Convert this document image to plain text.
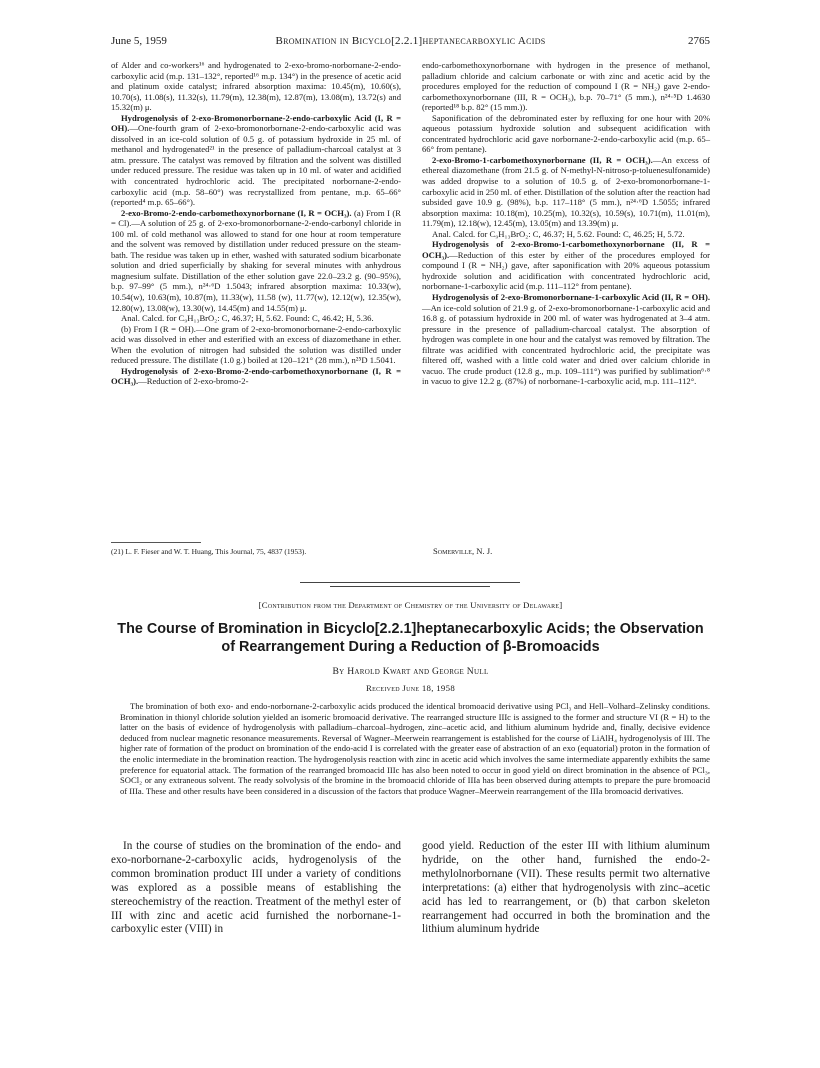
June 5, 1959	Bromination in Bicyclo[2.2.1]heptanecarboxylic Acids	2765

of Alder and co-workers¹⁶ and hydrogenated to 2-exo-bromo-norbornane-2-endo-carboxylic acid (m.p. 131–132°, reported¹⁶ m.p. 134°) in the presence of acetic acid and platinum oxide catalyst; infrared absorption maxima: 10.45(m), 10.60(s), 10.70(s), 11.08(s), 11.32(s), 11.79(m), 12.38(m), 12.87(m), 13.08(m), 13.72(s) and 15.32(m) μ.

Hydrogenolysis of 2-exo-Bromonorbornane-2-endo-carboxylic Acid (I, R = OH).—One-fourth gram of 2-exo-bromonorbornane-2-endo-carboxylic acid was dissolved in an ice-cold solution of 0.5 g. of potassium hydroxide in 25 ml. of methanol and hydrogenated²¹ in the presence of palladium-charcoal catalyst at 3 atm. pressure. The catalyst was removed by filtration and the solvent was distilled under reduced pressure. The residue was taken up in 10 ml. of water and acidified with concentrated hydrochloric acid. The precipitated norbornane-2-endo-carboxylic acid (m.p. 58–60°) was recrystallized from pentane, m.p. 65–66° (reported⁴ m.p. 65–66°).

2-exo-Bromo-2-endo-carbomethoxynorbornane (I, R = OCH₃). (a) From I (R = Cl).—A solution of 25 g. of 2-exo-bromonorbornane-2-endo-carbonyl chloride in 100 ml. of cold methanol was allowed to stand for one hour at room temperature and the solvent was removed by distillation under reduced pressure on the steam-bath. The residue was taken up in ether, washed with saturated sodium bicarbonate solution and dried superficially by shaking for several minutes with anhydrous magnesium sulfate. Distillation of the ether solution gave 22.0–23.2 g. (90–95%), b.p. 97–99° (5 mm.), n²⁴·⁶D 1.5043; infrared absorption maxima: 10.33(w), 10.54(w), 10.63(m), 10.87(m), 11.33(w), 11.58 (w), 11.77(w), 12.12(w), 12.35(w), 12.80(w), 13.08(w), 13.30(w), 14.45(m) and 14.55(m) μ.

Anal. Calcd. for C₉H₁₃BrO₂: C, 46.37; H, 5.62. Found: C, 46.42; H, 5.36.

(b) From I (R = OH).—One gram of 2-exo-bromonorbornane-2-endo-carboxylic acid was dissolved in ether and esterified with an excess of diazomethane in ether. When the evolution of nitrogen had subsided the solution was distilled under reduced pressure. The distillate (1.0 g.) boiled at 120–121° (28 mm.), n²⁵D 1.5041.

Hydrogenolysis of 2-exo-Bromo-2-endo-carbomethoxynorbornane (I, R = OCH₃).—Reduction of 2-exo-bromo-2-

endo-carbomethoxynorbornane with hydrogen in the presence of methanol, palladium chloride and calcium carbonate or with zinc and acetic acid by the procedures employed for the reduction of compound I (R = NH₂) gave 2-endo-carbomethoxynorbornane (III, R = OCH₃), b.p. 70–71° (5 mm.), n²⁴·⁵D 1.4630 (reported¹⁸ b.p. 82° (15 mm.)).

Saponification of the debrominated ester by refluxing for one hour with 20% aqueous potassium hydroxide solution and subsequent acidification with concentrated hydrochloric acid gave norbornane-2-endo-carboxylic acid (m.p. 65–66° from pentane).

2-exo-Bromo-1-carbomethoxynorbornane (II, R = OCH₃).—An excess of ethereal diazomethane (from 21.5 g. of N-methyl-N-nitroso-p-toluenesulfonamide) was added dropwise to a solution of 10.5 g. of 2-exo-bromonorbornane-1-carboxylic acid in 250 ml. of ether. Distillation of the solution after the reaction had subsided gave 10.9 g. (98%), b.p. 117–118° (5 mm.), n²⁴·⁶D 1.5055; infrared absorption maxima: 10.18(m), 10.25(m), 10.32(s), 10.59(s), 10.71(m), 11.01(m), 11.79(m), 12.18(w), 12.45(m), 13.05(m) and 13.39(m) μ.

Anal. Calcd. for C₉H₁₃BrO₂: C, 46.37; H, 5.62. Found: C, 46.25; H, 5.72.

Hydrogenolysis of 2-exo-Bromo-1-carbomethoxynorbornane (II, R = OCH₃).—Reduction of this ester by either of the procedures employed for compound I (R = NH₂) gave, after saponification with 20% aqueous potassium hydroxide solution and acidification with concentrated hydrochloric acid, norbornane-1-carboxylic acid (m.p. 111–112° from pentane).

Hydrogenolysis of 2-exo-Bromonorbornane-1-carboxylic Acid (II, R = OH).—An ice-cold solution of 21.9 g. of 2-exo-bromonorbornane-1-carboxylic acid and 16.8 g. of potassium hydroxide in 200 ml. of water was hydrogenated at 3–4 atm. pressure in the presence of palladium-charcoal catalyst. The absorption of hydrogen was complete in one hour and the catalyst was removed by filtration. The filtrate was acidified with concentrated hydrochloric acid, the precipitate was filtered off, washed with a little cold water and dried over calcium chloride in vacuo. The crude product (12.8 g., m.p. 109–111°) was purified by sublimation⁶·⁸ in vacuo to give 12.2 g. (87%) of norbornane-1-carboxylic acid, m.p. 111–112°.

(21) L. F. Fieser and W. T. Huang, This Journal, 75, 4837 (1953).	Somerville, N. J.
[Contribution from the Department of Chemistry of the University of Delaware]
The Course of Bromination in Bicyclo[2.2.1]heptanecarboxylic Acids; the Observation of Rearrangement During a Reduction of β-Bromoacids
By Harold Kwart and George Null
Received June 18, 1958

The bromination of both exo- and endo-norbornane-2-carboxylic acids produced the identical bromoacid derivative using PCl₃ and Hell–Volhard–Zelinsky conditions. Bromination in thionyl chloride solution yielded an isomeric bromoacid derivative. The rearranged structure IIIc is assigned to the former and structure VI (R = H) to the latter on the basis of evidence of hydrogenolysis with palladium–charcoal–hydrogen, zinc–acetic acid, and lithium aluminum hydride and, finally, decisive evidence deduced from nuclear magnetic resonance measurements. Reversal of Wagner–Meerwein rearrangement is established for the course of LiAlH₄ hydrogenolysis of III. The higher rate of formation of the product on bromination of the endo-acid I is correlated with the greater ease of abstraction of an exo (equatorial) proton in the formation of the enolic intermediate in the bromination reaction. The hydrogenolysis reaction with zinc in acetic acid which involves the same intermediate apparently exhibits the same preference for equatorial attack. The formation of the rearranged bromoacid IIIc has also been noted to occur in good yield on direct bromination in the absence of PCl₃, SOCl₂ or any extraneous solvent. The ready solvolysis of the bromine in the bromoacid chloride of IIIa has been observed during attempts to prepare the pure bromoacid of IIIa. These and other results have been considered in a discussion of the factors that produce Wagner–Meerwein rearrangement of the IIIa bromoacid derivatives.

In the course of studies on the bromination of the endo- and exo-norbornane-2-carboxylic acids, hydrogenolysis of the common bromination product III under a variety of conditions was explored as a possible means of establishing the stereochemistry of the reaction. Treatment of the methyl ester of III with zinc and acetic acid furnished the norbornane-1-carboxylic ester (VIII) in

good yield. Reduction of the ester III with lithium aluminum hydride, on the other hand, furnished the endo-2-methylolnorbornane (VII). These results permit two alternative interpretations: (a) either that hydrogenolysis with zinc–acetic acid has led to rearrangement, or (b) that carbon skeleton rearrangement had occurred in both the bromination and the lithium aluminum hydride
